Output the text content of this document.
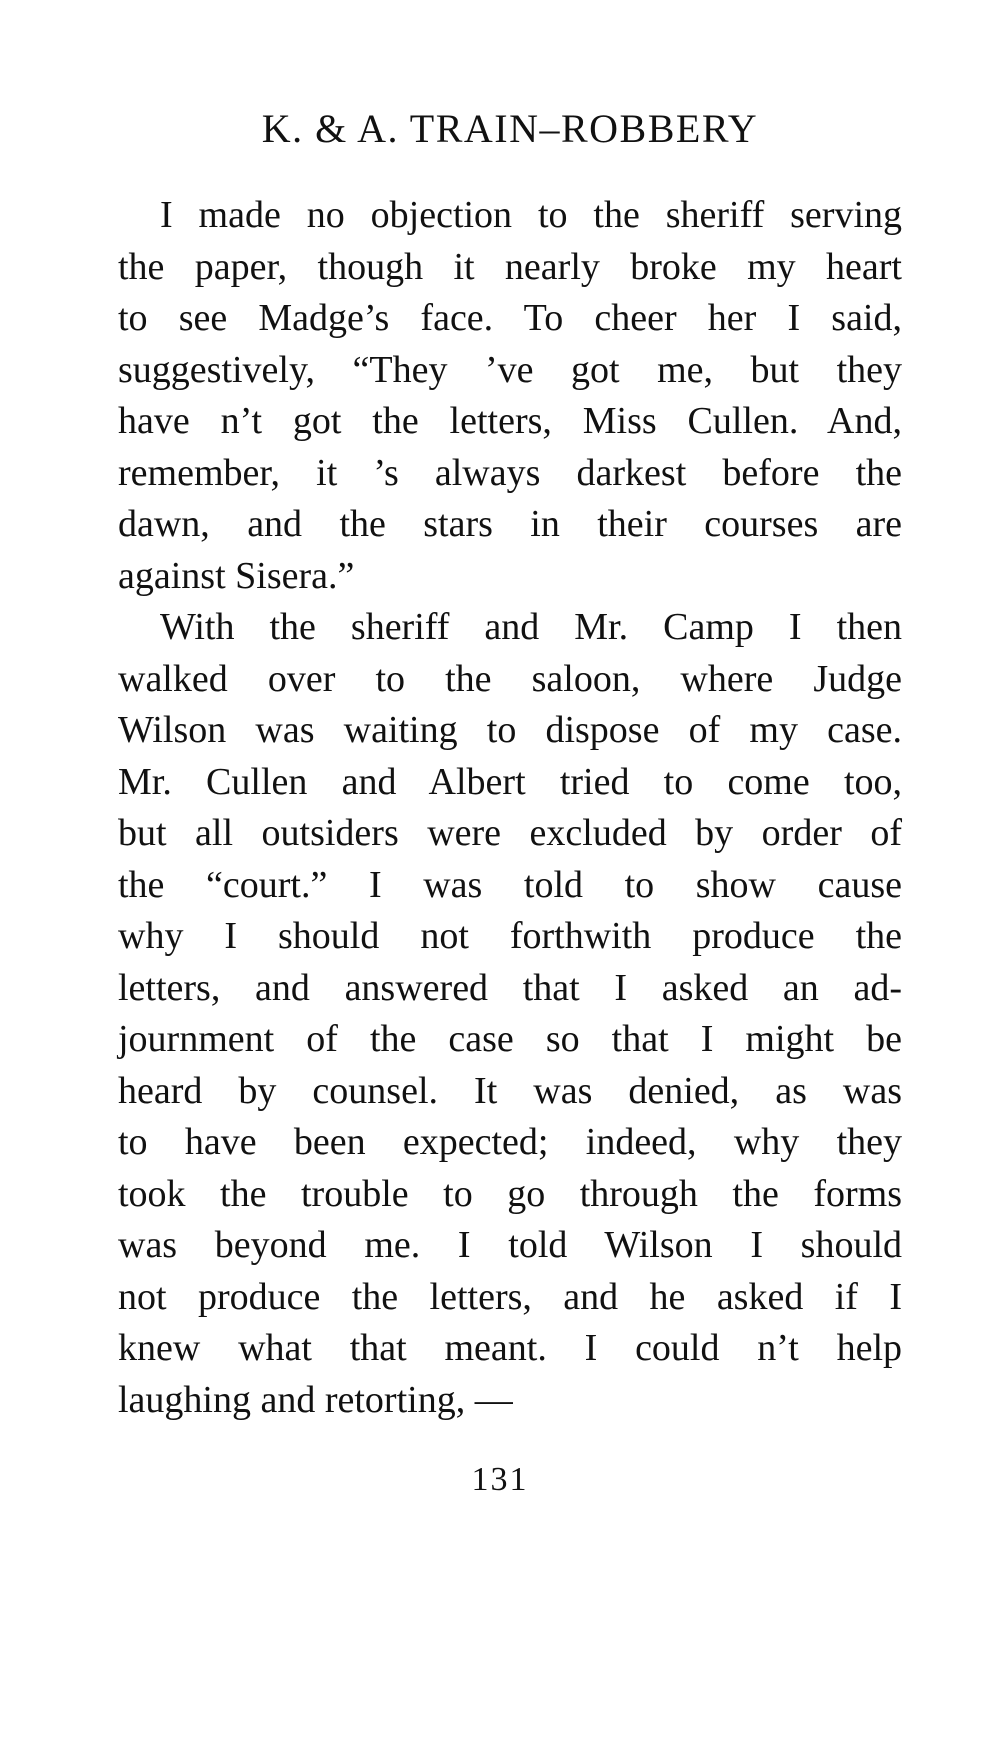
K. & A. TRAIN–ROBBERY

I made no objection to the sheriff serving
the paper, though it nearly broke my heart
to see Madge’s face. To cheer her I said,
suggestively, “They ’ve got me, but they
have n’t got the letters, Miss Cullen. And,
remember, it ’s always darkest before the
dawn, and the stars in their courses are
against Sisera.”

With the sheriff and Mr. Camp I then
walked over to the saloon, where Judge
Wilson was waiting to dispose of my case.
Mr. Cullen and Albert tried to come too,
but all outsiders were excluded by order of
the “court.” I was told to show cause
why I should not forthwith produce the
letters, and answered that I asked an ad-
journment of the case so that I might be
heard by counsel. It was denied, as was
to have been expected; indeed, why they
took the trouble to go through the forms
was beyond me. I told Wilson I should
not produce the letters, and he asked if I
knew what that meant. I could n’t help
laughing and retorting, —

131
